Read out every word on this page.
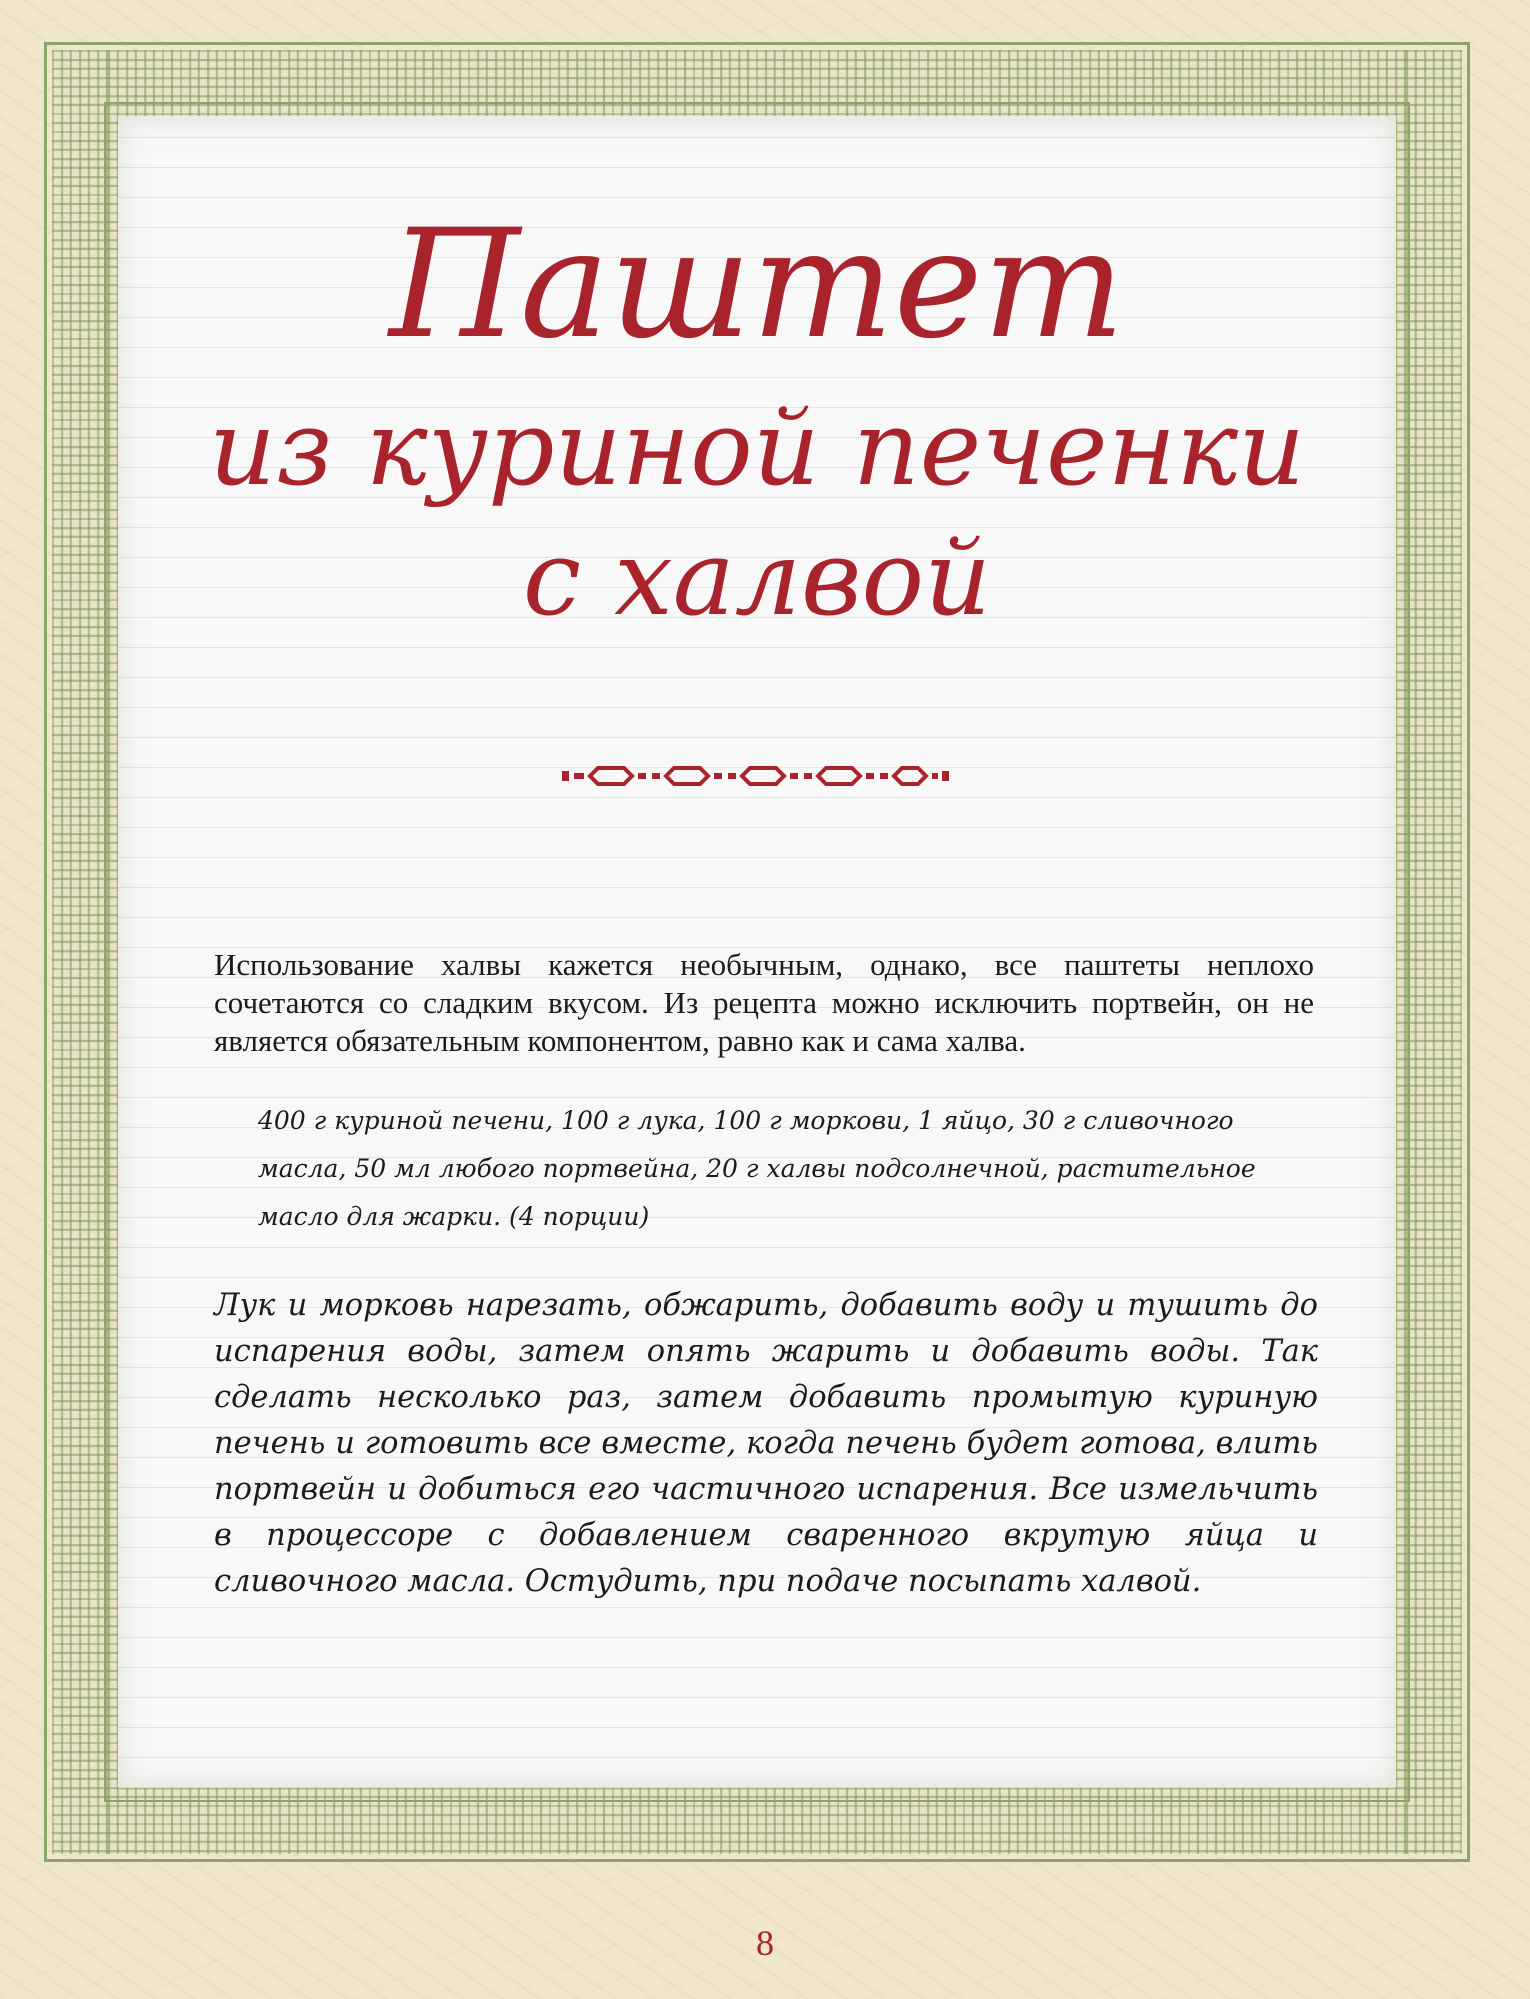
Паштет
из куриной печенки
с халвой

Использование халвы кажется необычным, однако, все паштеты неплохо сочетаются со сладким вкусом. Из рецепта можно исключить портвейн, он не является обязательным компонентом, равно как и сама халва.

400 г куриной печени, 100 г лука, 100 г моркови, 1 яйцо, 30 г сливочного масла, 50 мл любого портвейна, 20 г халвы подсолнечной, растительное масло для жарки. (4 порции)

Лук и морковь нарезать, обжарить, добавить воду и тушить до испарения воды, затем опять жарить и добавить воды. Так сделать несколько раз, затем добавить промытую куриную печень и готовить все вместе, когда печень будет готова, влить портвейн и добиться его частичного испарения. Все измельчить в процессоре с добавлением сваренного вкрутую яйца и сливочного масла. Остудить, при подаче посыпать халвой.

8
